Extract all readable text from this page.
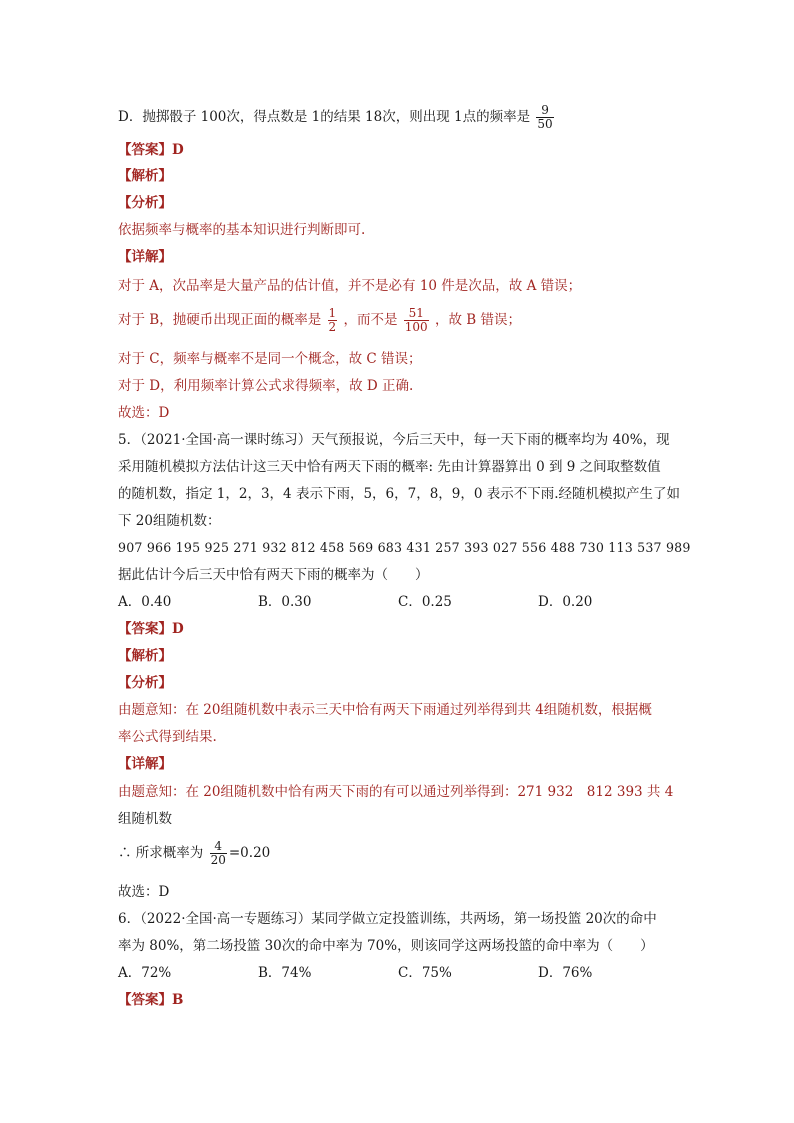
D．抛掷骰子 100次，得点数是 1的结果 18次，则出现 1点的频率是 $\frac{9}{50}$
【答案】D
【解析】
【分析】
依据频率与概率的基本知识进行判断即可.
【详解】
对于 A，次品率是大量产品的估计值，并不是必有 10 件是次品，故 A 错误；
对于 B，抛硬币出现正面的概率是 $\frac{1}{2}$ ，而不是 $\frac{51}{100}$ ，故 B 错误；
对于 C，频率与概率不是同一个概念，故 C 错误；
对于 D，利用频率计算公式求得频率，故 D 正确.
故选：D
5．（2021·全国·高一课时练习）天气预报说，今后三天中，每一天下雨的概率均为 40%，现
采用随机模拟方法估计这三天中恰有两天下雨的概率: 先由计算器算出 0 到 9 之间取整数值
的随机数，指定 1，2，3，4 表示下雨，5，6，7，8，9，0 表示不下雨.经随机模拟产生了如
下 20组随机数：
907 966 195 925 271 932 812 458 569 683 431 257 393 027 556 488 730 113 537 989
据此估计今后三天中恰有两天下雨的概率为（　　）
A．0.40	B．0.30	C．0.25	D．0.20
【答案】D
【解析】
【分析】
由题意知：在 20组随机数中表示三天中恰有两天下雨通过列举得到共 4组随机数，根据概
率公式得到结果.
【详解】
由题意知：在 20组随机数中恰有两天下雨的有可以通过列举得到：271 932　812 393 共 4
组随机数
∴ 所求概率为 $\frac{4}{20} =0.20$
故选：D
6．（2022·全国·高一专题练习）某同学做立定投篮训练，共两场，第一场投篮 20次的命中
率为 80%，第二场投篮 30次的命中率为 70%，则该同学这两场投篮的命中率为（　　）
A．72%	B．74%	C．75%	D．76%
【答案】B
